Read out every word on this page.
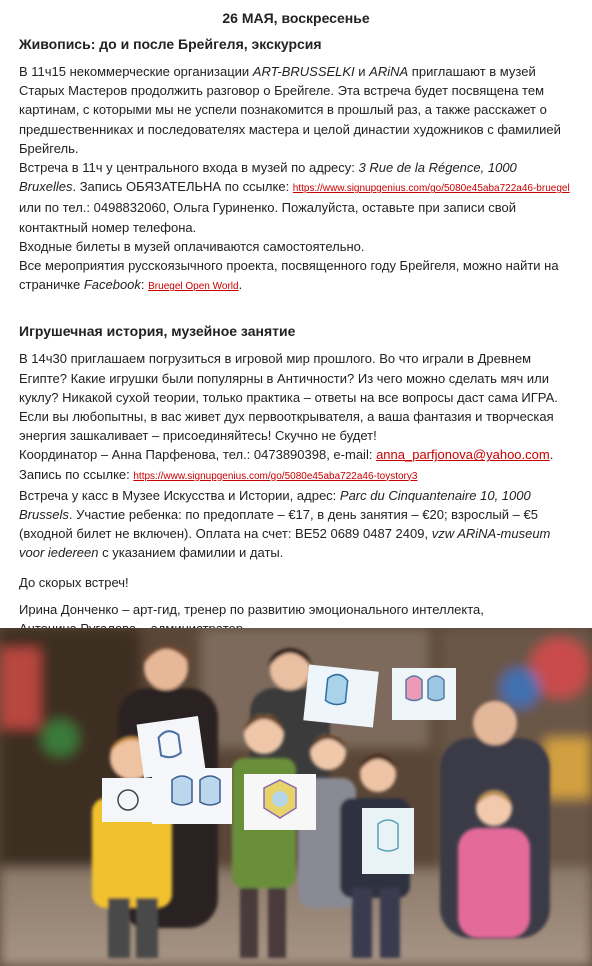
26 МАЯ, воскресенье
Живопись: до и после Брейгеля, экскурсия

В 11ч15 некоммерческие организации ART-BRUSSELKI и ARiNA приглашают в музей Старых Мастеров продолжить разговор о Брейгеле. Эта встреча будет посвящена тем картинам, с которыми мы не успели познакомится в прошлый раз, а также расскажет о предшественниках и последователях мастера и целой династии художников с фамилией Брейгель.

Встреча в 11ч у центрального входа в музей по адресу: 3 Rue de la Régence, 1000 Bruxelles. Запись ОБЯЗАТЕЛЬНА по ссылке: https://www.signupgenius.com/go/5080e45aba722a46-bruegel или по тел.: 0498832060, Ольга Гуриненко. Пожалуйста, оставьте при записи свой контактный номер телефона.

Входные билеты в музей оплачиваются самостоятельно.

Все мероприятия русскоязычного проекта, посвященного году Брейгеля, можно найти на страничке Facebook: Bruegel Open World.

Игрушечная история, музейное занятие

В 14ч30 приглашаем погрузиться в игровой мир прошлого. Во что играли в Древнем Египте? Какие игрушки были популярны в Античности? Из чего можно сделать мяч или куклу? Никакой сухой теории, только практика – ответы на все вопросы даст сама ИГРА. Если вы любопытны, в вас живет дух первооткрывателя, а ваша фантазия и творческая энергия зашкаливает – присоединяйтесь! Скучно не будет!

Координатор – Анна Парфенова, тел.: 0473890398, e-mail: anna_parfjonova@yahoo.com.

Запись по ссылке: https://www.signupgenius.com/go/5080e45aba722a46-toystory3

Встреча у касс в Музее Искусства и Истории, адрес: Parc du Cinquantenaire 10, 1000 Brussels. Участие ребенка: по предоплате – €17, в день занятия – €20; взрослый – €5 (входной билет не включен). Оплата на счет: BE52 0689 0487 2409, vzw ARiNA-museum voor iedereen с указанием фамилии и даты.

До скорых встреч!

Ирина Донченко – арт-гид, тренер по развитию эмоционального интеллекта,
